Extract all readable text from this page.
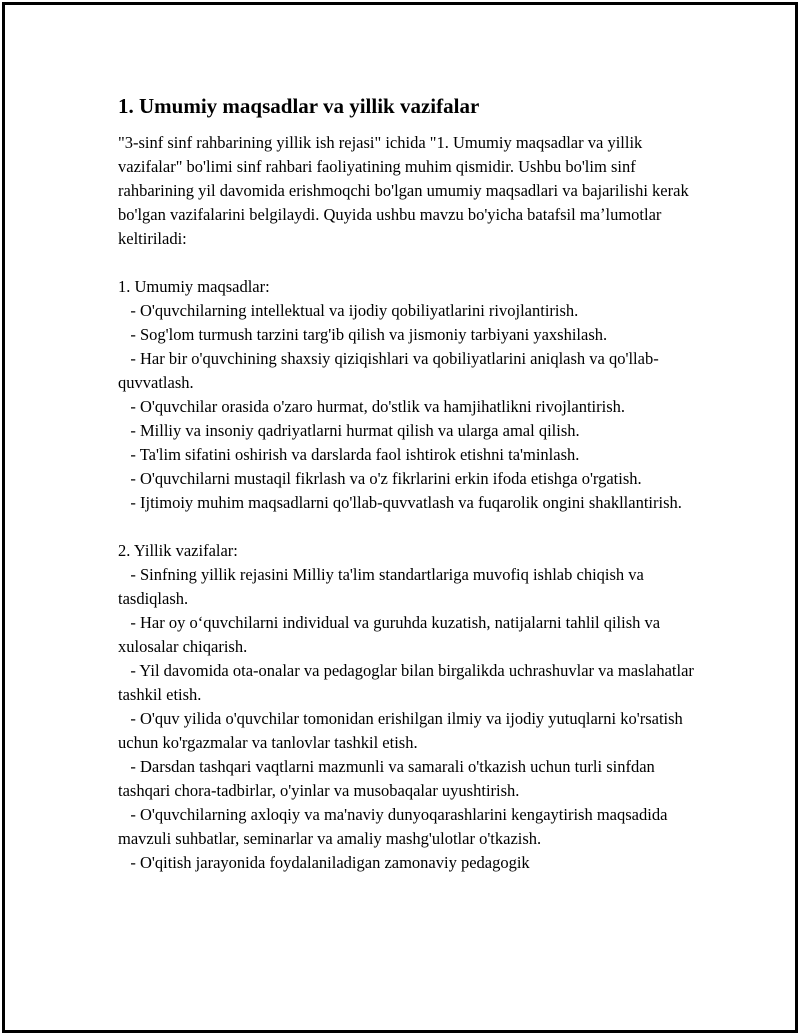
1. Umumiy maqsadlar va yillik vazifalar

"3-sinf sinf rahbarining yillik ish rejasi" ichida "1. Umumiy maqsadlar va yillik vazifalar" bo'limi sinf rahbari faoliyatining muhim qismidir. Ushbu bo'lim sinf rahbarining yil davomida erishmoqchi bo'lgan umumiy maqsadlari va bajarilishi kerak bo'lgan vazifalarini belgilaydi. Quyida ushbu mavzu bo'yicha batafsil maʼlumotlar keltiriladi:

1. Umumiy maqsadlar:

- O'quvchilarning intellektual va ijodiy qobiliyatlarini rivojlantirish.

- Sog'lom turmush tarzini targ'ib qilish va jismoniy tarbiyani yaxshilash.

- Har bir o'quvchining shaxsiy qiziqishlari va qobiliyatlarini aniqlash va qo'llab-quvvatlash.

- O'quvchilar orasida o'zaro hurmat, do'stlik va hamjihatlikni rivojlantirish.

- Milliy va insoniy qadriyatlarni hurmat qilish va ularga amal qilish.

- Ta'lim sifatini oshirish va darslarda faol ishtirok etishni ta'minlash.

- O'quvchilarni mustaqil fikrlash va o'z fikrlarini erkin ifoda etishga o'rgatish.

- Ijtimoiy muhim maqsadlarni qo'llab-quvvatlash va fuqarolik ongini shakllantirish.

2. Yillik vazifalar:

- Sinfning yillik rejasini Milliy ta'lim standartlariga muvofiq ishlab chiqish va tasdiqlash.

- Har oy o‘quvchilarni individual va guruhda kuzatish, natijalarni tahlil qilish va xulosalar chiqarish.

- Yil davomida ota-onalar va pedagoglar bilan birgalikda uchrashuvlar va maslahatlar tashkil etish.

- O'quv yilida o'quvchilar tomonidan erishilgan ilmiy va ijodiy yutuqlarni ko'rsatish uchun ko'rgazmalar va tanlovlar tashkil etish.

- Darsdan tashqari vaqtlarni mazmunli va samarali o'tkazish uchun turli sinfdan tashqari chora-tadbirlar, o'yinlar va musobaqalar uyushtirish.

- O'quvchilarning axloqiy va ma'naviy dunyoqarashlarini kengaytirish maqsadida mavzuli suhbatlar, seminarlar va amaliy mashg'ulotlar o'tkazish.

- O'qitish jarayonida foydalaniladigan zamonaviy pedagogik
